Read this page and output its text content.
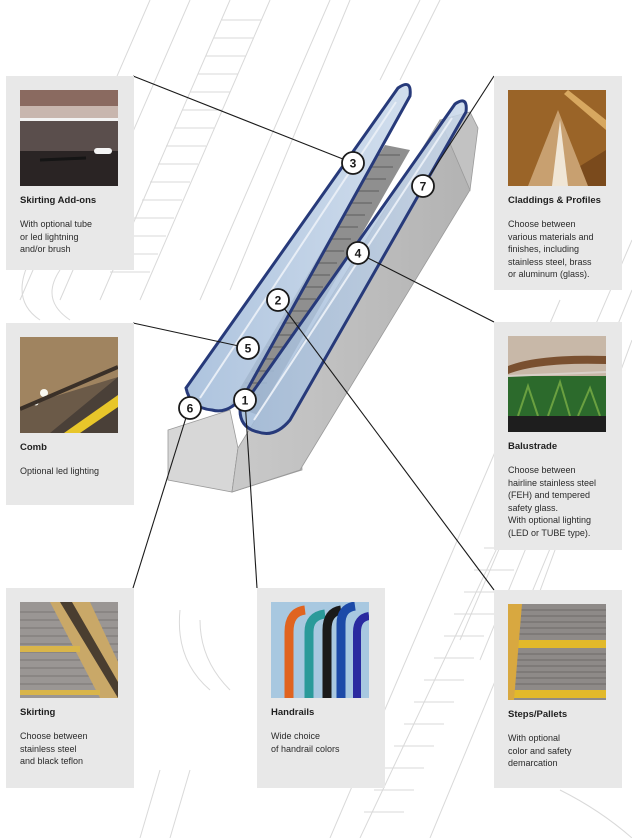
1
2
3
4
5
6
7
Skirting Add-ons
With optional tube
or led lightning
and/or brush
Comb
Optional led lighting
Skirting
Choose between
stainless steel
and black teflon
Handrails
Wide choice
of handrail colors
Steps/Pallets
With optional
color and safety
demarcation
Claddings & Profiles
Choose between
various materials and
finishes, including
stainless steel, brass
or aluminum (glass).
Balustrade
Choose between
hairline stainless steel
(FEH) and tempered
safety glass.
With optional lighting
(LED or TUBE type).
